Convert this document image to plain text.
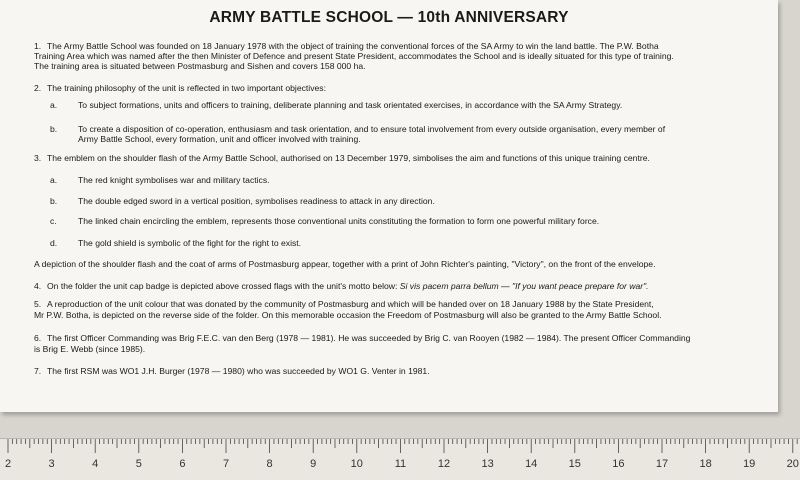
ARMY BATTLE SCHOOL — 10th ANNIVERSARY
1. The Army Battle School was founded on 18 January 1978 with the object of training the conventional forces of the SA Army to win the land battle. The P.W. Botha
Training Area which was named after the then Minister of Defence and present State President, accommodates the School and is ideally situated for this type of training.
The training area is situated between Postmasburg and Sishen and covers 158 000 ha.
2. The training philosophy of the unit is reflected in two important objectives:
a. To subject formations, units and officers to training, deliberate planning and task orientated exercises, in accordance with the SA Army Strategy.
b. To create a disposition of co-operation, enthusiasm and task orientation, and to ensure total involvement from every outside organisation, every member of
Army Battle School, every formation, unit and officer involved with training.
3. The emblem on the shoulder flash of the Army Battle School, authorised on 13 December 1979, simbolises the aim and functions of this unique training centre.
a. The red knight symbolises war and military tactics.
b. The double edged sword in a vertical position, symbolises readiness to attack in any direction.
c. The linked chain encircling the emblem, represents those conventional units constituting the formation to form one powerful military force.
d. The gold shield is symbolic of the fight for the right to exist.
A depiction of the shoulder flash and the coat of arms of Postmasburg appear, together with a print of John Richter's painting, "Victory", on the front of the envelope.
4. On the folder the unit cap badge is depicted above crossed flags with the unit's motto below: Si vis pacem parra bellum — "If you want peace prepare for war".
5. A reproduction of the unit colour that was donated by the community of Postmasburg and which will be handed over on 18 January 1988 by the State President,
Mr P.W. Botha, is depicted on the reverse side of the folder. On this memorable occasion the Freedom of Postmasburg will also be granted to the Army Battle School.
6. The first Officer Commanding was Brig F.E.C. van den Berg (1978 — 1981). He was succeeded by Brig C. van Rooyen (1982 — 1984). The present Officer Commanding
is Brig E. Webb (since 1985).
7. The first RSM was WO1 J.H. Burger (1978 — 1980) who was succeeded by WO1 G. Venter in 1981.
2	3	4	5	6	7	8	9	10	11	12	13	14	15	16	17	18	19	20
